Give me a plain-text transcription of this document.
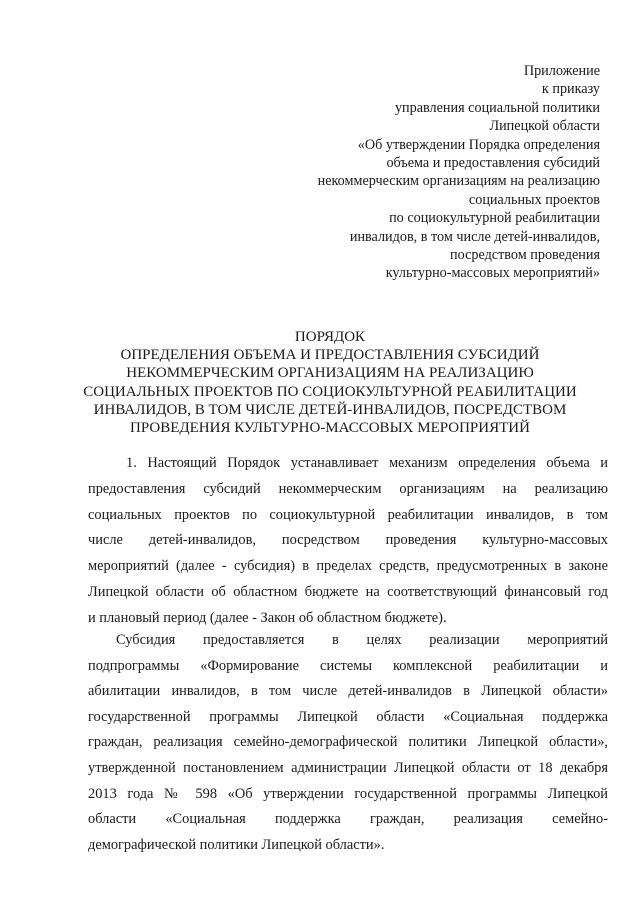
Приложение
к приказу
управления социальной политики
Липецкой области
«Об утверждении Порядка определения
объема и предоставления субсидий
некоммерческим организациям на реализацию
социальных проектов
по социокультурной реабилитации
инвалидов, в том числе детей-инвалидов,
посредством проведения
культурно-массовых мероприятий»
ПОРЯДОК
ОПРЕДЕЛЕНИЯ ОБЪЕМА И ПРЕДОСТАВЛЕНИЯ СУБСИДИЙ
НЕКОММЕРЧЕСКИМ ОРГАНИЗАЦИЯМ НА РЕАЛИЗАЦИЮ
СОЦИАЛЬНЫХ ПРОЕКТОВ ПО СОЦИОКУЛЬТУРНОЙ РЕАБИЛИТАЦИИ
ИНВАЛИДОВ, В ТОМ ЧИСЛЕ ДЕТЕЙ-ИНВАЛИДОВ, ПОСРЕДСТВОМ
ПРОВЕДЕНИЯ КУЛЬТУРНО-МАССОВЫХ МЕРОПРИЯТИЙ
1. Настоящий Порядок устанавливает механизм определения объема и
предоставления субсидий некоммерческим организациям на реализацию
социальных проектов по социокультурной реабилитации инвалидов, в том
числе детей-инвалидов, посредством проведения культурно-массовых
мероприятий (далее - субсидия) в пределах средств, предусмотренных в законе
Липецкой области об областном бюджете на соответствующий финансовый год
и плановый период (далее - Закон об областном бюджете).
Субсидия предоставляется в целях реализации мероприятий
подпрограммы «Формирование системы комплексной реабилитации и
абилитации инвалидов, в том числе детей-инвалидов в Липецкой области»
государственной программы Липецкой области «Социальная поддержка
граждан, реализация семейно-демографической политики Липецкой области»,
утвержденной постановлением администрации Липецкой области от 18 декабря
2013 года № 598 «Об утверждении государственной программы Липецкой
области «Социальная поддержка граждан, реализация семейно-
демографической политики Липецкой области».
